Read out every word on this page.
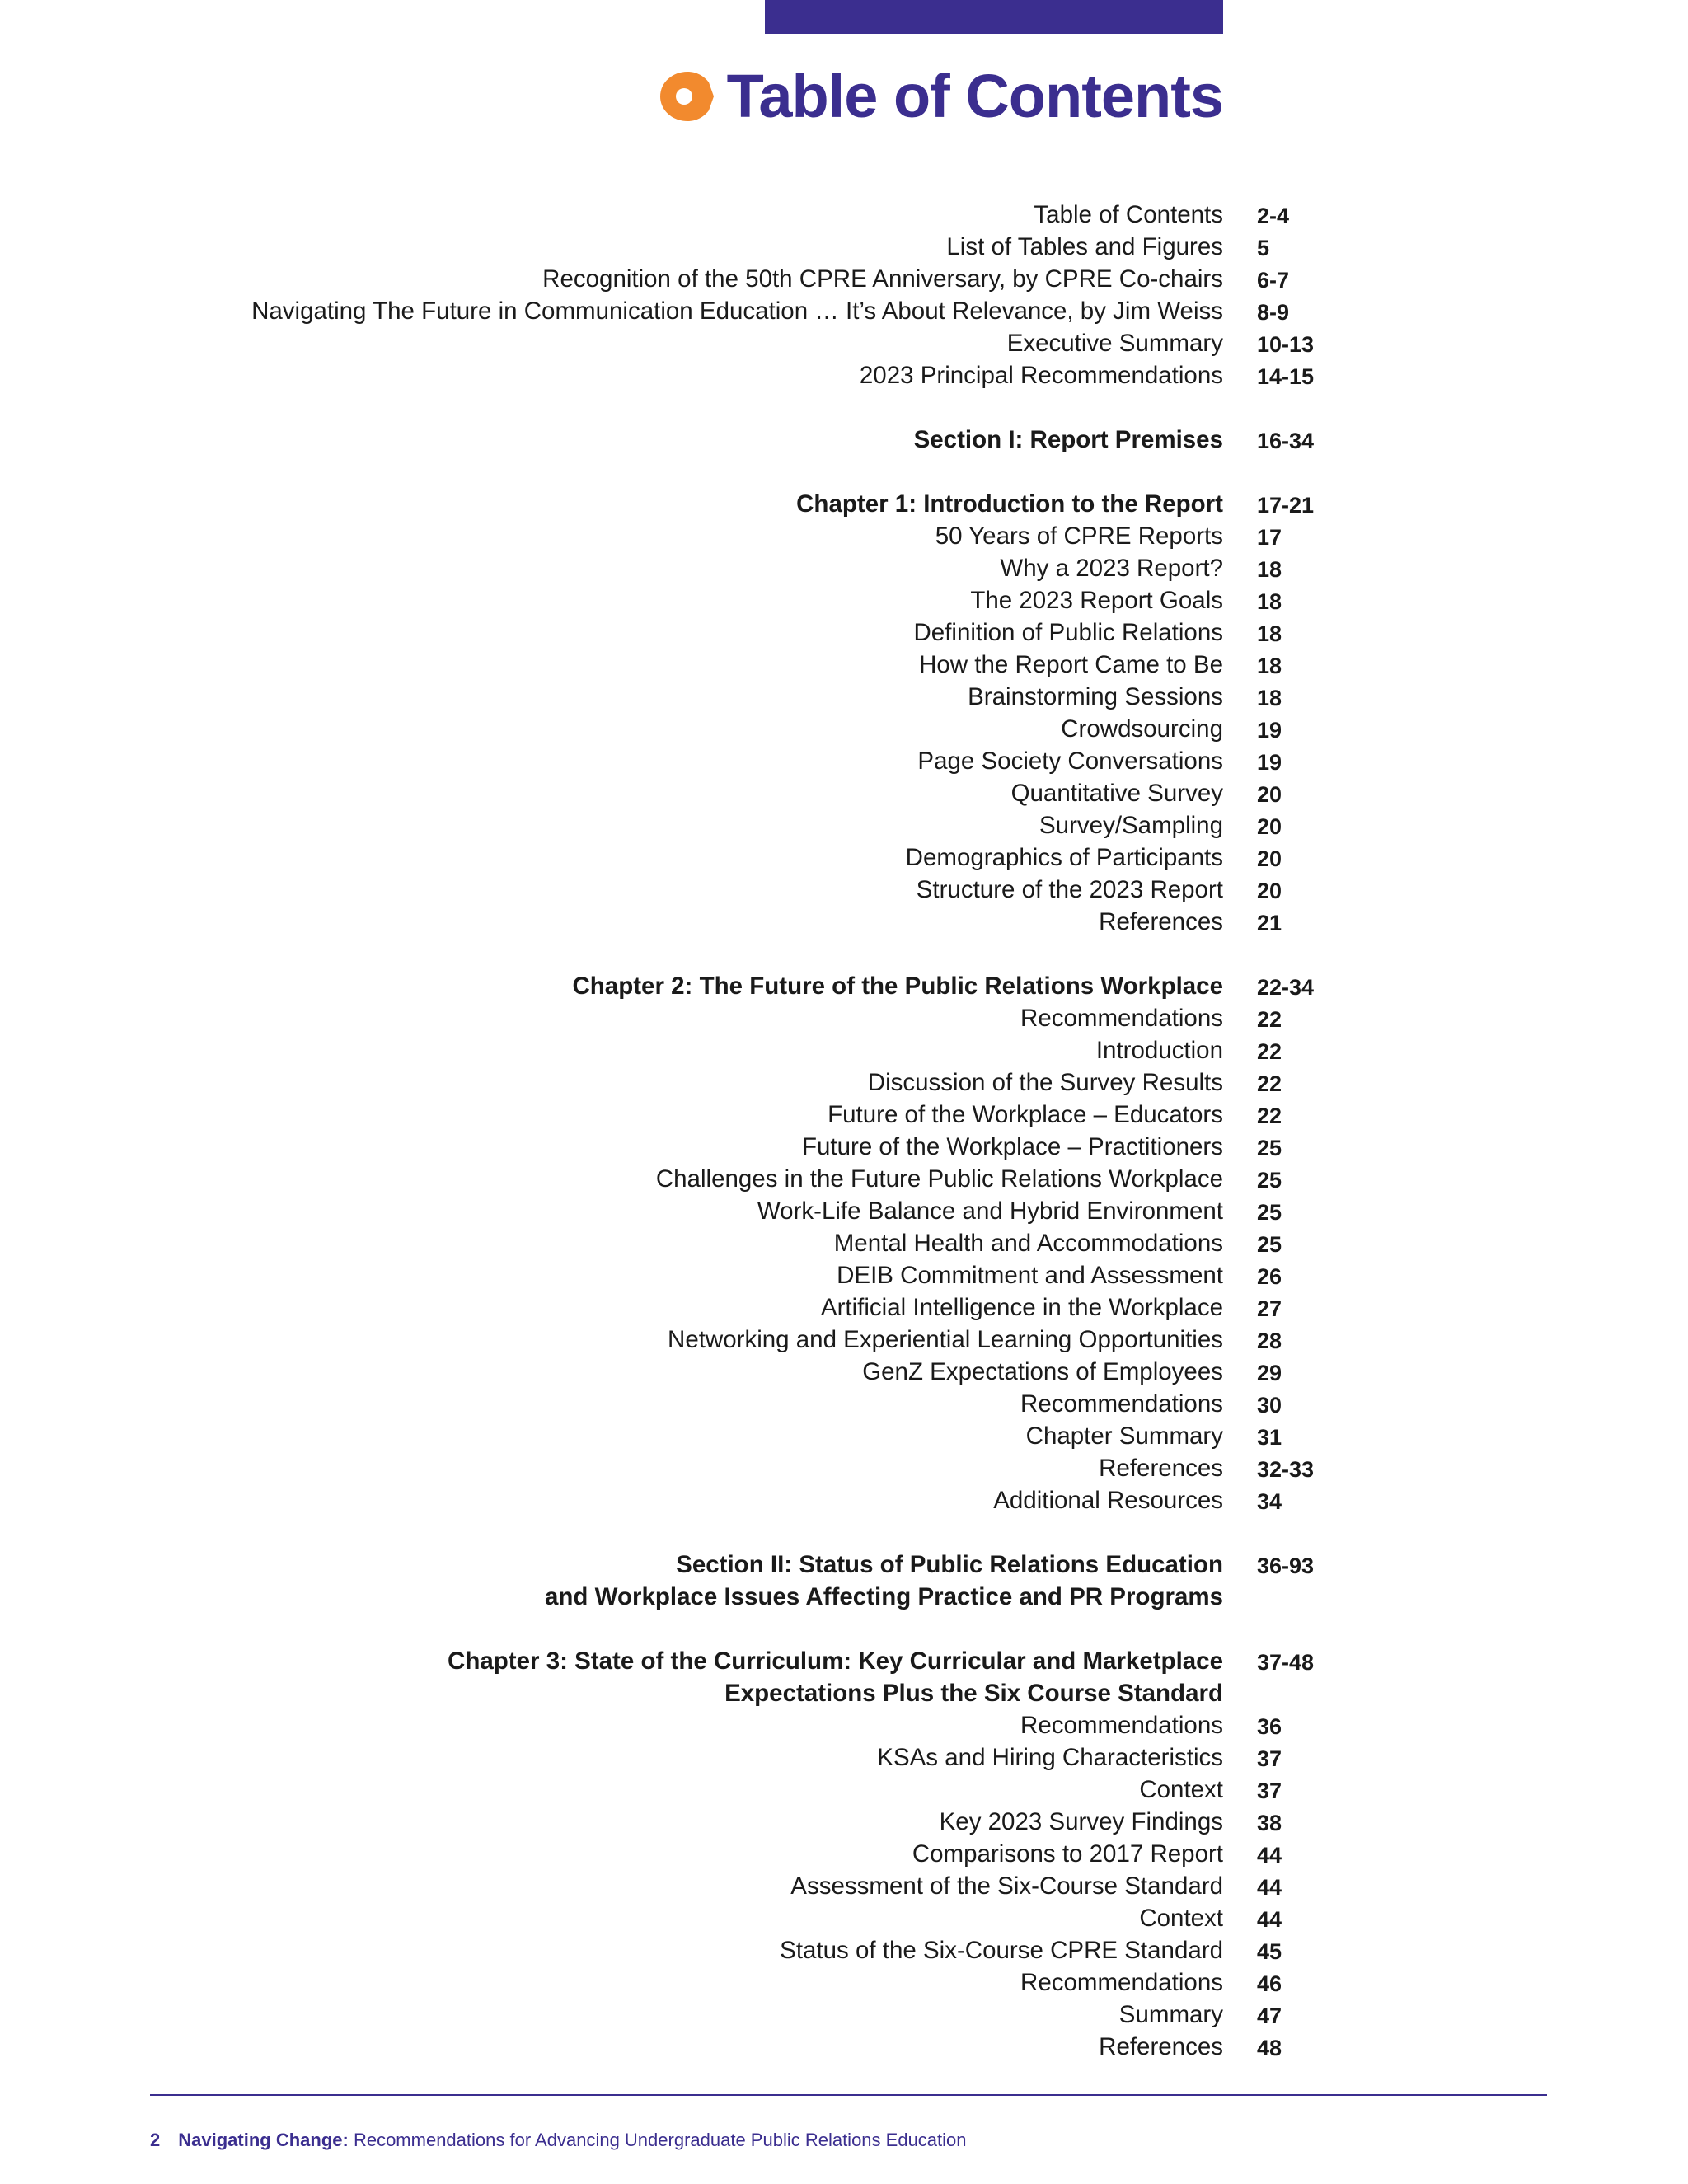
Table of Contents
Table of Contents 2-4
List of Tables and Figures 5
Recognition of the 50th CPRE Anniversary, by CPRE Co-chairs 6-7
Navigating The Future in Communication Education … It’s About Relevance, by Jim Weiss 8-9
Executive Summary 10-13
2023 Principal Recommendations 14-15
Section I: Report Premises 16-34
Chapter 1: Introduction to the Report 17-21
50 Years of CPRE Reports 17
Why a 2023 Report? 18
The 2023 Report Goals 18
Definition of Public Relations 18
How the Report Came to Be 18
Brainstorming Sessions 18
Crowdsourcing 19
Page Society Conversations 19
Quantitative Survey 20
Survey/Sampling 20
Demographics of Participants 20
Structure of the 2023 Report 20
References 21
Chapter 2: The Future of the Public Relations Workplace 22-34
Recommendations 22
Introduction 22
Discussion of the Survey Results 22
Future of the Workplace – Educators 22
Future of the Workplace – Practitioners 25
Challenges in the Future Public Relations Workplace 25
Work-Life Balance and Hybrid Environment 25
Mental Health and Accommodations 25
DEIB Commitment and Assessment 26
Artificial Intelligence in the Workplace 27
Networking and Experiential Learning Opportunities 28
GenZ Expectations of Employees 29
Recommendations 30
Chapter Summary 31
References 32-33
Additional Resources 34
Section II: Status of Public Relations Education 36-93
and Workplace Issues Affecting Practice and PR Programs
Chapter 3: State of the Curriculum: Key Curricular and Marketplace 37-48
Expectations Plus the Six Course Standard
Recommendations 36
KSAs and Hiring Characteristics 37
Context 37
Key 2023 Survey Findings 38
Comparisons to 2017 Report 44
Assessment of the Six-Course Standard 44
Context 44
Status of the Six-Course CPRE Standard 45
Recommendations 46
Summary 47
References 48
2 Navigating Change: Recommendations for Advancing Undergraduate Public Relations Education
